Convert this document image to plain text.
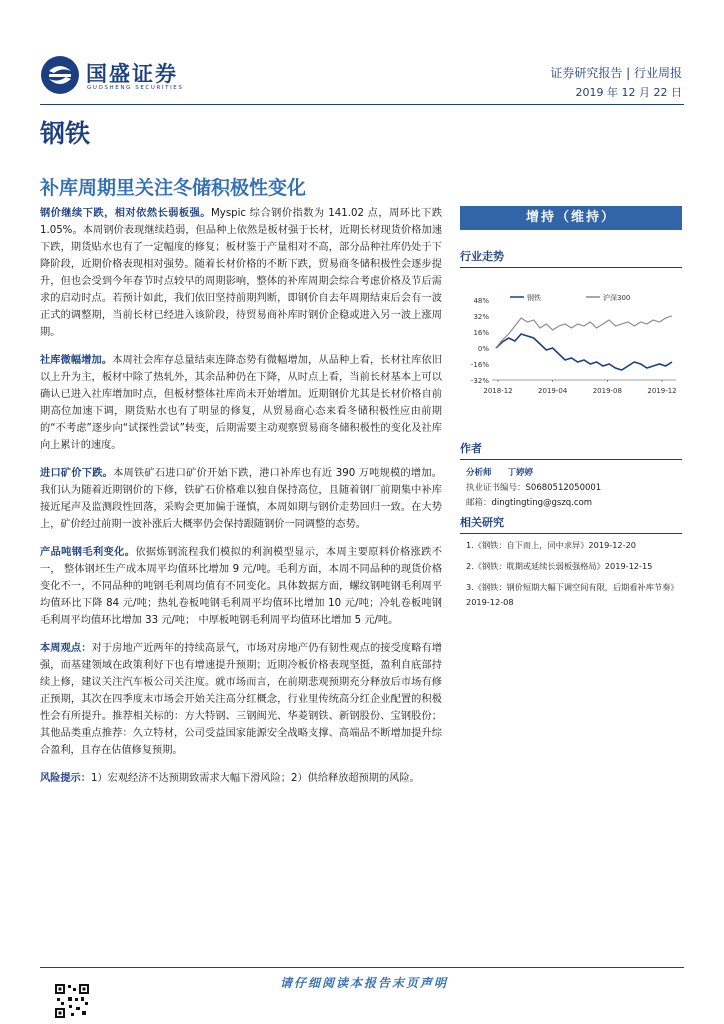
国盛证券
GUOSHENG SECURITIES
证券研究报告 | 行业周报
2019 年 12 月 22 日
钢铁
补库周期里关注冬储积极性变化

钢价继续下跌，相对依然长弱板强。Myspic 综合钢价指数为 141.02 点，周环比下跌 1.05%。本周钢价表现继续趋弱，但品种上依然是板材强于长材，近期长材现货价格加速下跌，期货贴水也有了一定幅度的修复；板材鉴于产量相对不高，部分品种社库仍处于下降阶段，近期价格表现相对强势。随着长材价格的不断下跌，贸易商冬储积极性会逐步提升，但也会受到今年春节时点较早的周期影响，整体的补库周期会综合考虑价格及节后需求的启动时点。若预计如此，我们依旧坚持前期判断，即钢价自去年周期结束后会有一波正式的调整期，当前长材已经进入该阶段，待贸易商补库时钢价企稳或进入另一波上涨周期。

社库微幅增加。本周社会库存总量结束连降态势有微幅增加，从品种上看，长材社库依旧以上升为主，板材中除了热轧外，其余品种仍在下降，从时点上看，当前长材基本上可以确认已进入社库增加时点，但板材整体社库尚未开始增加。近期钢价尤其是长材价格自前期高位加速下调，期货贴水也有了明显的修复，从贸易商心态来看冬储积极性应由前期的“不考虑”逐步向“试探性尝试”转变，后期需要主动观察贸易商冬储积极性的变化及社库向上累计的速度。

进口矿价下跌。本周铁矿石进口矿价开始下跌，港口补库也有近 390 万吨规模的增加。我们认为随着近期钢价的下修，铁矿石价格难以独自保持高位，且随着钢厂前期集中补库接近尾声及监测段性回落，采购会更加偏于谨慎，本周如期与钢价走势回归一致。在大势上，矿价经过前期一波补涨后大概率仍会保持跟随钢价一同调整的态势。

产品吨钢毛利变化。依据炼钢流程我们模拟的利润模型显示，本周主要原料价格涨跌不一， 整体钢坯生产成本周平均值环比增加 9 元/吨。毛利方面，本周不同品种的现货价格变化不一，不同品种的吨钢毛利周均值有不同变化。具体数据方面，螺纹钢吨钢毛利周平均值环比下降 84 元/吨；热轧卷板吨钢毛利周平均值环比增加 10 元/吨；冷轧卷板吨钢毛利周平均值环比增加 33 元/吨； 中厚板吨钢毛利周平均值环比增加 5 元/吨。

本周观点：对于房地产近两年的持续高景气，市场对房地产仍有韧性观点的接受度略有增强，而基建领域在政策利好下也有增速提升预期；近期冷板价格表现坚挺，盈利自底部持续上修，建议关注汽车板公司关注度。就市场而言，在前期悲观预期充分释放后市场有修正预期，其次在四季度末市场会开始关注高分红概念，行业里传统高分红企业配置的积极性会有所提升。推荐相关标的：方大特钢、三钢闽光、华菱钢铁、新钢股份、宝钢股份；其他品类重点推荐：久立特材，公司受益国家能源安全战略支撑、高端品不断增加提升综合盈利，且存在估值修复预期。

风险提示：1）宏观经济不达预期致需求大幅下滑风险；2）供给释放超预期的风险。

增持（维持）
行业走势
48%
32%
16%
0%
-16%
-32%
2018-12	2019-04	2019-08	2019-12
钢铁	沪深300
作者
分析师 丁婷婷
执业证书编号：S0680512050001
邮箱：dingtingting@gszq.com
相关研究
1.《钢铁：自下而上，同中求异》2019-12-20
2.《钢铁：耽期或延续长弱板强格局》2019-12-15
3.《钢铁：钢价短期大幅下调空间有限，后期看补库节奏》2019-12-08
请仔细阅读本报告末页声明
